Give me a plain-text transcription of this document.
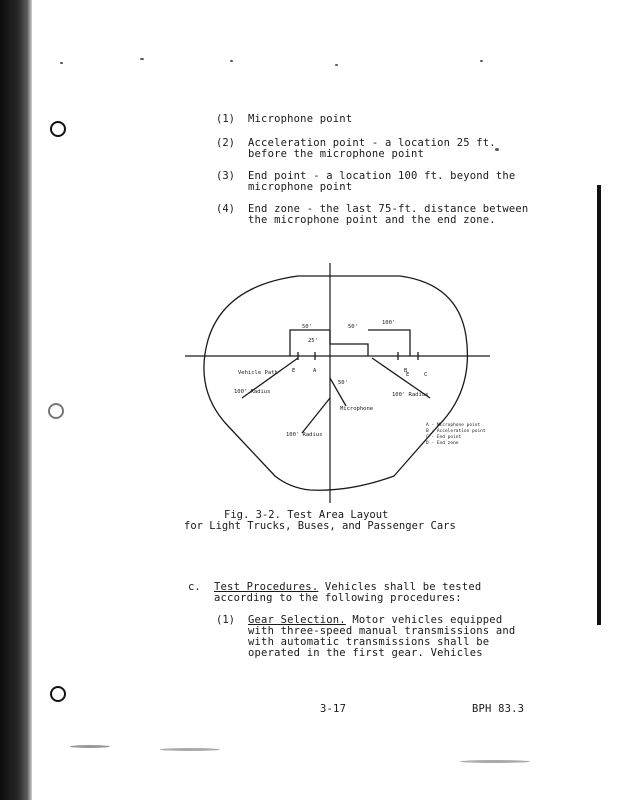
(1) Microphone point
(2) Acceleration point - a location 25 ft.
before the microphone point
(3) End point - a location 100 ft. beyond the
microphone point
(4) End zone - the last 75-ft. distance between
the microphone point and the end zone.
50'	50'
100'
25'
50'
Vehicle Path
100' Radius	100' Radius
100' Radius
Microphone
E	A	B
E	C
A - Microphone point
B - Acceleration point
C - End point
D - End zone
Fig. 3-2. Test Area Layout
for Light Trucks, Buses, and Passenger Cars
c. Test Procedures. Vehicles shall be tested
according to the following procedures:
(1) Gear Selection. Motor vehicles equipped
with three-speed manual transmissions and
with automatic transmissions shall be
operated in the first gear. Vehicles
3-17	BPH 83.3
